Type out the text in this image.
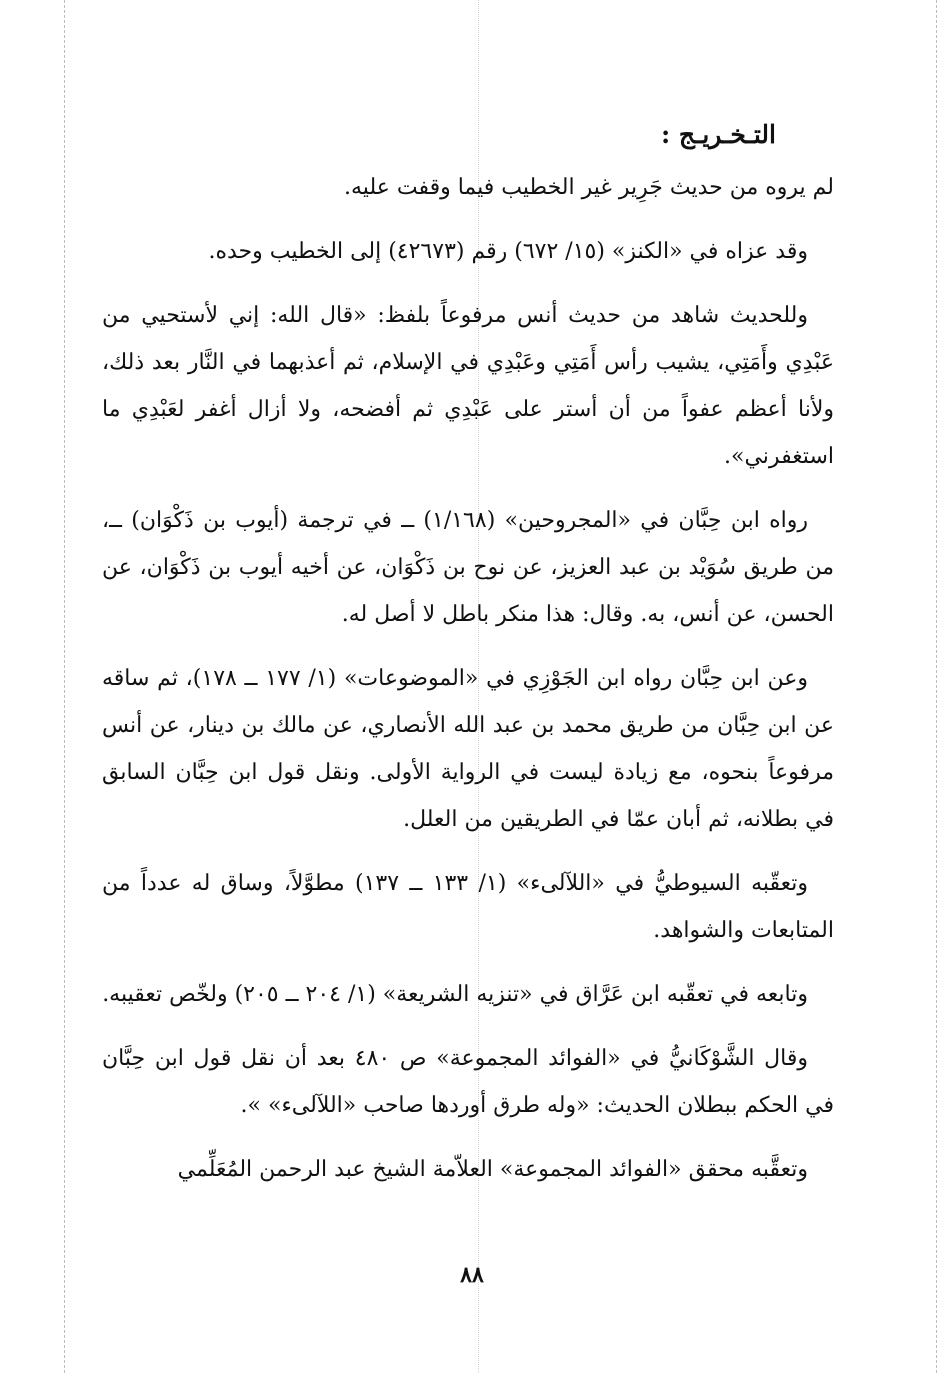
التـخـريـج :

لم يروه من حديث جَرِير غير الخطيب فيما وقفت عليه.

وقد عزاه في «الكنز» (١٥/ ٦٧٢) رقم (٤٢٦٧٣) إلى الخطيب وحده.

وللحديث شاهد من حديث أنس مرفوعاً بلفظ: «قال الله: إني لأستحيي من عَبْدِي وأَمَتِي، يشيب رأس أَمَتِي وعَبْدِي في الإسلام، ثم أعذبهما في النَّار بعد ذلك، ولأنا أعظم عفواً من أن أستر على عَبْدِي ثم أفضحه، ولا أزال أغفر لعَبْدِي ما استغفرني».

رواه ابن حِبَّان في «المجروحين» (١/١٦٨) ــ في ترجمة (أيوب بن ذَكْوَان) ــ، من طريق سُوَيْد بن عبد العزيز، عن نوح بن ذَكْوَان، عن أخيه أيوب بن ذَكْوَان، عن الحسن، عن أنس، به. وقال: هذا منكر باطل لا أصل له.

وعن ابن حِبَّان رواه ابن الجَوْزِي في «الموضوعات» (١/ ١٧٧ ــ ١٧٨)، ثم ساقه عن ابن حِبَّان من طريق محمد بن عبد الله الأنصاري، عن مالك بن دينار، عن أنس مرفوعاً بنحوه، مع زيادة ليست في الرواية الأولى. ونقل قول ابن حِبَّان السابق في بطلانه، ثم أبان عمّا في الطريقين من العلل.

وتعقّبه السيوطيُّ في «اللآلىء» (١/ ١٣٣ ــ ١٣٧) مطوَّلاً، وساق له عدداً من المتابعات والشواهد.

وتابعه في تعقّبه ابن عَرَّاق في «تنزيه الشريعة» (١/ ٢٠٤ ــ ٢٠٥) ولخّص تعقيبه.

وقال الشَّوْكَانيُّ في «الفوائد المجموعة» ص ٤٨٠ بعد أن نقل قول ابن حِبَّان في الحكم ببطلان الحديث: «وله طرق أوردها صاحب «اللآلىء» ».

وتعقَّبه محقق «الفوائد المجموعة» العلاّمة الشيخ عبد الرحمن المُعَلِّمي

٨٨
